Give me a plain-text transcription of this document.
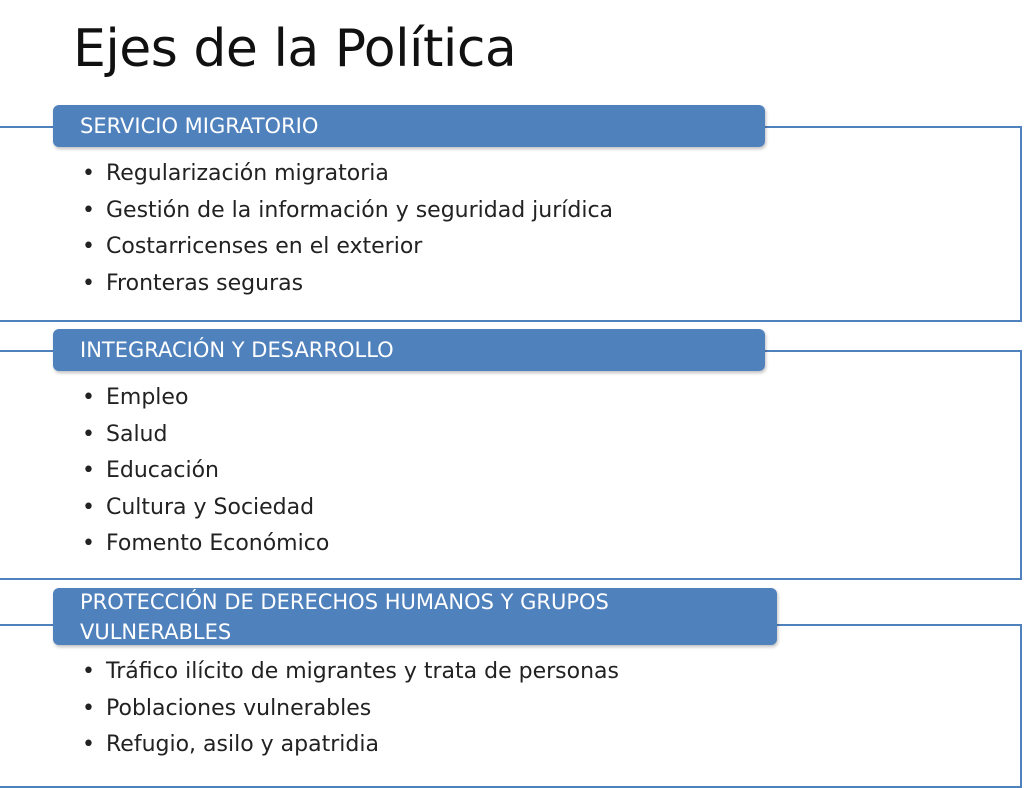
Ejes de la Política
SERVICIO MIGRATORIO
• Regularización migratoria
• Gestión de la información y seguridad jurídica
• Costarricenses en el exterior
• Fronteras seguras
INTEGRACIÓN Y DESARROLLO
• Empleo
• Salud
• Educación
• Cultura y Sociedad
• Fomento Económico
PROTECCIÓN DE DERECHOS HUMANOS Y GRUPOS
VULNERABLES
• Tráfico ilícito de migrantes y trata de personas
• Poblaciones vulnerables
• Refugio, asilo y apatridia
